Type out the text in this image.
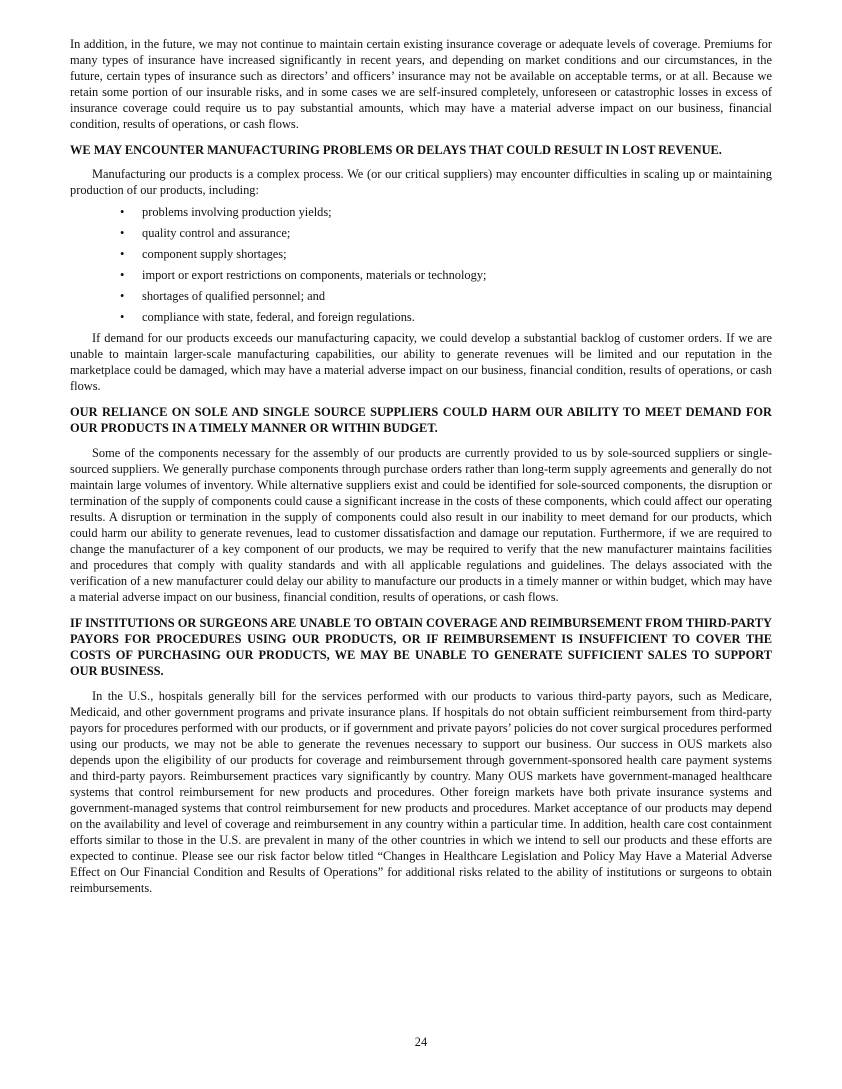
In addition, in the future, we may not continue to maintain certain existing insurance coverage or adequate levels of coverage. Premiums for many types of insurance have increased significantly in recent years, and depending on market conditions and our circumstances, in the future, certain types of insurance such as directors’ and officers’ insurance may not be available on acceptable terms, or at all. Because we retain some portion of our insurable risks, and in some cases we are self-insured completely, unforeseen or catastrophic losses in excess of insurance coverage could require us to pay substantial amounts, which may have a material adverse impact on our business, financial condition, results of operations, or cash flows.

WE MAY ENCOUNTER MANUFACTURING PROBLEMS OR DELAYS THAT COULD RESULT IN LOST REVENUE.

Manufacturing our products is a complex process. We (or our critical suppliers) may encounter difficulties in scaling up or maintaining production of our products, including:

• problems involving production yields;
• quality control and assurance;
• component supply shortages;
• import or export restrictions on components, materials or technology;
• shortages of qualified personnel; and
• compliance with state, federal, and foreign regulations.

If demand for our products exceeds our manufacturing capacity, we could develop a substantial backlog of customer orders. If we are unable to maintain larger-scale manufacturing capabilities, our ability to generate revenues will be limited and our reputation in the marketplace could be damaged, which may have a material adverse impact on our business, financial condition, results of operations, or cash flows.

OUR RELIANCE ON SOLE AND SINGLE SOURCE SUPPLIERS COULD HARM OUR ABILITY TO MEET DEMAND FOR OUR PRODUCTS IN A TIMELY MANNER OR WITHIN BUDGET.

Some of the components necessary for the assembly of our products are currently provided to us by sole-sourced suppliers or single-sourced suppliers. We generally purchase components through purchase orders rather than long-term supply agreements and generally do not maintain large volumes of inventory. While alternative suppliers exist and could be identified for sole-sourced components, the disruption or termination of the supply of components could cause a significant increase in the costs of these components, which could affect our operating results. A disruption or termination in the supply of components could also result in our inability to meet demand for our products, which could harm our ability to generate revenues, lead to customer dissatisfaction and damage our reputation. Furthermore, if we are required to change the manufacturer of a key component of our products, we may be required to verify that the new manufacturer maintains facilities and procedures that comply with quality standards and with all applicable regulations and guidelines. The delays associated with the verification of a new manufacturer could delay our ability to manufacture our products in a timely manner or within budget, which may have a material adverse impact on our business, financial condition, results of operations, or cash flows.

IF INSTITUTIONS OR SURGEONS ARE UNABLE TO OBTAIN COVERAGE AND REIMBURSEMENT FROM THIRD-PARTY PAYORS FOR PROCEDURES USING OUR PRODUCTS, OR IF REIMBURSEMENT IS INSUFFICIENT TO COVER THE COSTS OF PURCHASING OUR PRODUCTS, WE MAY BE UNABLE TO GENERATE SUFFICIENT SALES TO SUPPORT OUR BUSINESS.

In the U.S., hospitals generally bill for the services performed with our products to various third-party payors, such as Medicare, Medicaid, and other government programs and private insurance plans. If hospitals do not obtain sufficient reimbursement from third-party payors for procedures performed with our products, or if government and private payors’ policies do not cover surgical procedures performed using our products, we may not be able to generate the revenues necessary to support our business. Our success in OUS markets also depends upon the eligibility of our products for coverage and reimbursement through government-sponsored health care payment systems and third-party payors. Reimbursement practices vary significantly by country. Many OUS markets have government-managed healthcare systems that control reimbursement for new products and procedures. Other foreign markets have both private insurance systems and government-managed systems that control reimbursement for new products and procedures. Market acceptance of our products may depend on the availability and level of coverage and reimbursement in any country within a particular time. In addition, health care cost containment efforts similar to those in the U.S. are prevalent in many of the other countries in which we intend to sell our products and these efforts are expected to continue. Please see our risk factor below titled “Changes in Healthcare Legislation and Policy May Have a Material Adverse Effect on Our Financial Condition and Results of Operations” for additional risks related to the ability of institutions or surgeons to obtain reimbursements.

24
